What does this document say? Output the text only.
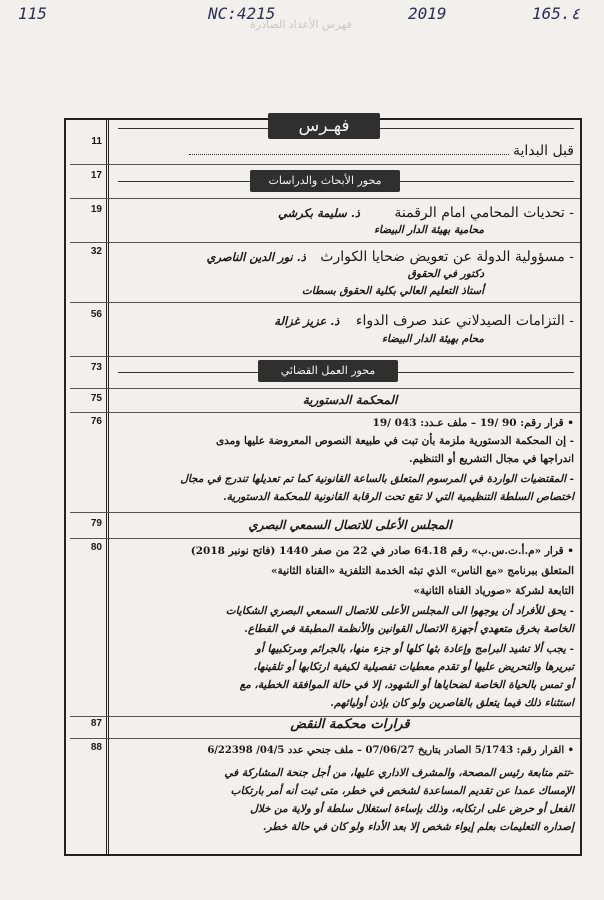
115	NC:4215	2019	165.٤
فهرس الأعداد الصادرة
فهـرس
11
قبل البداية
17	محور الأبحاث والدراسات
19	- تحديات المحامي امام الرقمنة ذ. سليمة بكرشي
محامية بهيئة الدار البيضاء
32	- مسؤولية الدولة عن تعويض ضحايا الكوارث ذ. نور الدين الناصري
دكتور في الحقوق
أستاذ التعليم العالي بكلية الحقوق بسطات
56	- التزامات الصيدلاني عند صرف الدواء ذ. عزيز غزالة
محام بهيئة الدار البيضاء
73	محور العمل القضائي
75	المحكمة الدستورية
76	• قرار رقم: 90 /19 – ملف عـدد: 043 /19
- إن المحكمة الدستورية ملزمة بأن تبت في طبيعة النصوص المعروضة عليها ومدى
اندراجها في مجال التشريع أو التنظيم.
- المقتضيات الواردة في المرسوم المتعلق بالساعة القانونية كما تم تعديلها تندرج في مجال
اختصاص السلطة التنظيمية التي لا تقع تحت الرقابة القانونية للمحكمة الدستورية.
79	المجلس الأعلى للاتصال السمعي البصري
80	• قرار «م.أ.ت.س.ب» رقم 64.18 صادر في 22 من صفر 1440 (فاتح نونبر 2018)
المتعلق ببرنامج «مع الناس» الذي تبثه الخدمة التلفزية «القناة الثانية»
التابعة لشركة «صورياد القناة الثانية»
- يحق للأفراد أن يوجهوا الى المجلس الأعلى للاتصال السمعي البصري الشكايات
الخاصة بخرق متعهدي أجهزة الاتصال القوانين والأنظمة المطبقة في القطاع.
- يجب ألا تشيد البرامج وإعادة بثها كلها أو جزء منها، بالجرائم ومرتكبيها أو
تبريرها والتحريض عليها أو تقدم معطيات تفصيلية لكيفية ارتكابها أو تلقينها،
أو تمس بالحياة الخاصة لضحاياها أو الشهود، إلا في حالة الموافقة الخطية، مع
استثناء ذلك فيما يتعلق بالقاصرين ولو كان بإذن أوليائهم.
87	قرارات محكمة النقض
88	• القرار رقم: 5/1743 الصادر بتاريخ 07/06/27 – ملف جنحي عدد 04/5/ 6/22398
-تتم متابعة رئيس المصحة، والمشرف الاداري عليها، من أجل جنحة المشاركة في
الإمساك عمدا عن تقديم المساعدة لشخص في خطر، متى ثبت أنه أمر بارتكاب
الفعل أو حرض على ارتكابه، وذلك بإساءة استغلال سلطة أو ولاية من خلال
إصداره التعليمات بعلم إيواء شخص إلا بعد الأداء ولو كان في حالة خطر.
